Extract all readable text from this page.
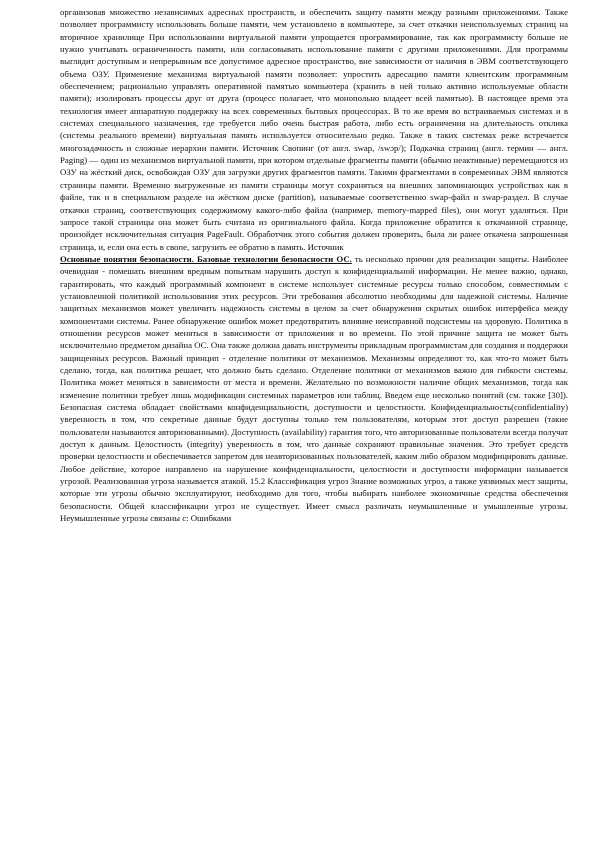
организовав множество независимых адресных пространств, и обеспечить защиту памяти между разными приложениями. Также позволяет программисту использовать больше памяти, чем установлено в компьютере, за счет откачки неиспользуемых страниц на вторичное хранилище При использовании виртуальной памяти упрощается программирование, так как программисту больше не нужно учитывать ограниченность памяти, или согласовывать использование памяти с другими приложениями. Для программы выглядит доступным и непрерывным все допустимое адресное пространство, вне зависимости от наличия в ЭВМ соответствующего объема ОЗУ. Применение механизма виртуальной памяти позволяет: упростить адресацию памяти клиентским программным обеспечением; рационально управлять оперативной памятью компьютера (хранить в ней только активно используемые области памяти); изолировать процессы друг от друга (процесс полагает, что монопольно владеет всей памятью). В настоящее время эта технология имеет аппаратную поддержку на всех современных бытовых процессорах. В то же время во встраиваемых системах и в системах специального назначения, где требуется либо очень быстрая работа, либо есть ограничения на длительность отклика (системы реального времени) виртуальная память используется относительно редко. Также в таких системах реже встречается многозадачность и сложные иерархии памяти. Источник Свопинг (от англ. swap, /swɔp/); Подкачка страниц (англ. термин — англ. Paging) — один из механизмов виртуальной памяти, при котором отдельные фрагменты памяти (обычно неактивные) перемещаются из ОЗУ на жёсткий диск, освобождая ОЗУ для загрузки других фрагментов памяти. Такими фрагментами в современных ЭВМ являются страницы памяти. Временно выгруженные из памяти страницы могут сохраняться на внешних запоминающих устройствах как в файле, так и в специальном разделе на жёстком диске (partition), называемые соответственно swap-файл и swap-раздел. В случае откачки страниц, соответствующих содержимому какого-либо файла (например, memory-mapped files), они могут удаляться. При запросе такой страницы она может быть считана из оригинального файла. Когда приложение обратится к откачанной странице, произойдет исключительная ситуация PageFault. Обработчик этого события должен проверить, была ли ранее откачена запрошенная страница, и, если она есть в свопе, загрузить ее обратно в память. Источник

Основные понятия безопасности. Базовые технологии безопасности ОС. ть несколько причин для реализации защиты. Наиболее очевидная - помешать внешним вредным попыткам нарушить доступ к конфиденциальной информации. Не менее важно, однако, гарантировать, что каждый программный компонент в системе использует системные ресурсы только способом, совместимым с установленной политикой использования этих ресурсов. Эти требования абсолютно необходимы для надежной системы. Наличие защитных механизмов может увеличить надежность системы в целом за счет обнаружения скрытых ошибок интерфейса между компонентами системы. Ранее обнаружение ошибок может предотвратить влияние неисправной подсистемы на здоровую. Политика в отношении ресурсов может меняться в зависимости от приложения и во времени. По этой причине защита не может быть исключительно предметом дизайна ОС. Она также должна давать инструменты прикладным программистам для создания и поддержки защищенных ресурсов. Важный принцип - отделение политики от механизмов. Механизмы определяют то, как что-то может быть сделано, тогда, как политика решает, что должно быть сделано. Отделение политики от механизмов важно для гибкости системы. Политика может меняться в зависимости от места и времени. Желательно по возможности наличие общих механизмов, тогда как изменение политики требует лишь модификации системных параметров или таблиц. Введем еще несколько понятий (см. также [30]). Безопасная система обладает свойствами конфиденциальности, доступности и целостности. Конфиденциальность(confidentiality) уверенность в том, что секретные данные будут доступны только тем пользователям, которым этот доступ разрешен (такие пользователи называются авторизованными). Доступность (availability) гарантия того, что авторизованные пользователи всегда получат доступ к данным. Целостность (integrity) уверенность в том, что данные сохраняют правильные значения. Это требует средств проверки целостности и обеспечивается запретом для неавторизованных пользователей, каким либо образом модифицировать данные. Любое действие, которое направлено на нарушение конфиденциальности, целостности и доступности информации называется угрозой. Реализованная угроза называется атакой. 15.2 Классификация угроз Знание возможных угроз, а также уязвимых мест защиты, которые эти угрозы обычно эксплуатируют, необходимо для того, чтобы выбирать наиболее экономичные средства обеспечения безопасности. Общей классификации угроз не существует. Имеет смысл различать неумышленные и умышленные угрозы. Неумышленные угрозы связаны с: Ошибками
